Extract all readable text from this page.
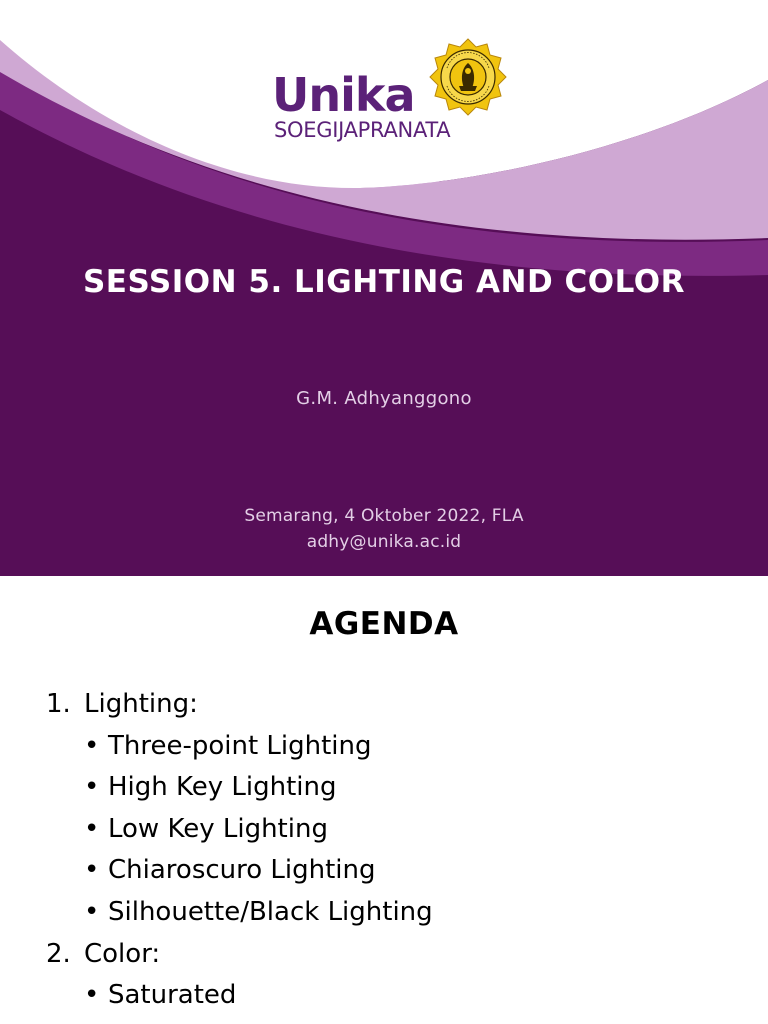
Unika
SOEGIJAPRANATA
SESSION 5. LIGHTING AND COLOR
G.M. Adhyanggono
Semarang, 4 Oktober 2022, FLA
adhy@unika.ac.id
AGENDA
1. Lighting:
• Three-point Lighting
• High Key Lighting
• Low Key Lighting
• Chiaroscuro Lighting
• Silhouette/Black Lighting
2. Color:
• Saturated
